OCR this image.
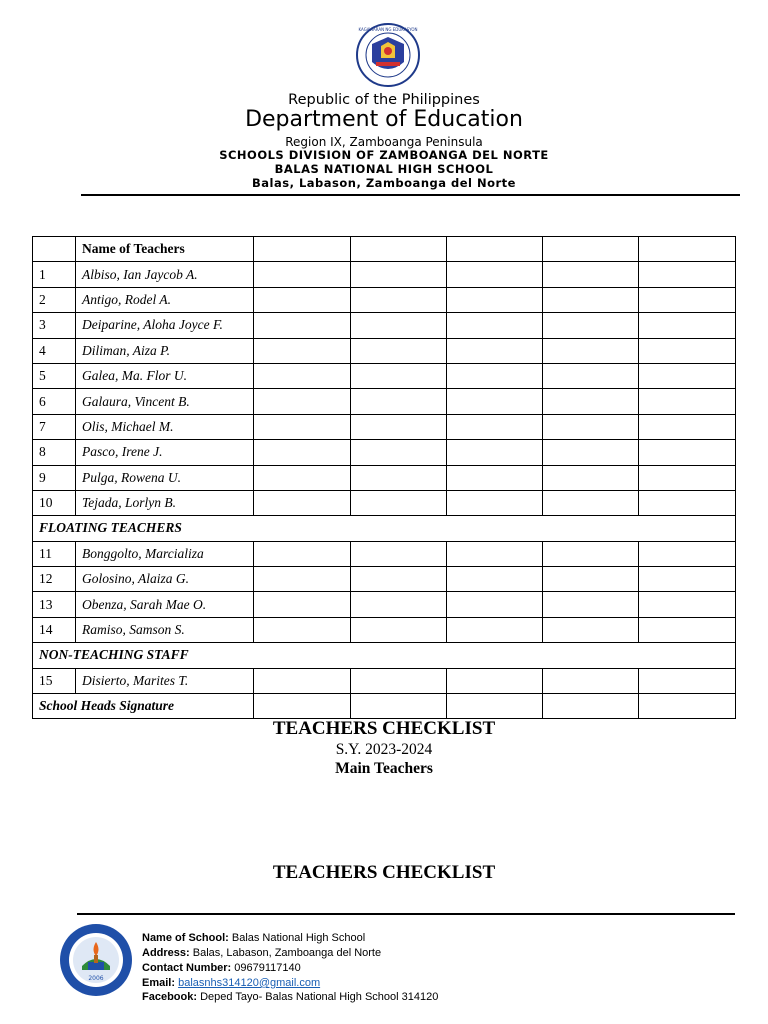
KAGAWARAN NG EDUKASYON
Republic of the Philippines
Department of Education
Region IX, Zamboanga Peninsula
SCHOOLS DIVISION OF ZAMBOANGA DEL NORTE
BALAS NATIONAL HIGH SCHOOL
Balas, Labason, Zamboanga del Norte
	Name of Teachers					
1	Albiso, Ian Jaycob A.					
2	Antigo, Rodel A.					
3	Deiparine, Aloha Joyce F.					
4	Diliman, Aiza P.					
5	Galea, Ma. Flor U.					
6	Galaura, Vincent B.					
7	Olis, Michael M.					
8	Pasco, Irene J.					
9	Pulga, Rowena U.					
10	Tejada, Lorlyn B.					
FLOATING TEACHERS						
11	Bonggolto, Marcializa					
12	Golosino, Alaiza G.					
13	Obenza, Sarah Mae O.					
14	Ramiso, Samson S.					
NON-TEACHING STAFF						
15	Disierto, Marites T.					
School Heads Signature						
TEACHERS CHECKLIST
S.Y. 2023-2024
Main Teachers
TEACHERS CHECKLIST
2006
Name of School: Balas National High School
Address: Balas, Labason, Zamboanga del Norte
Contact Number: 09679117140
Email: balasnhs314120@gmail.com
Facebook: Deped Tayo- Balas National High School 314120
